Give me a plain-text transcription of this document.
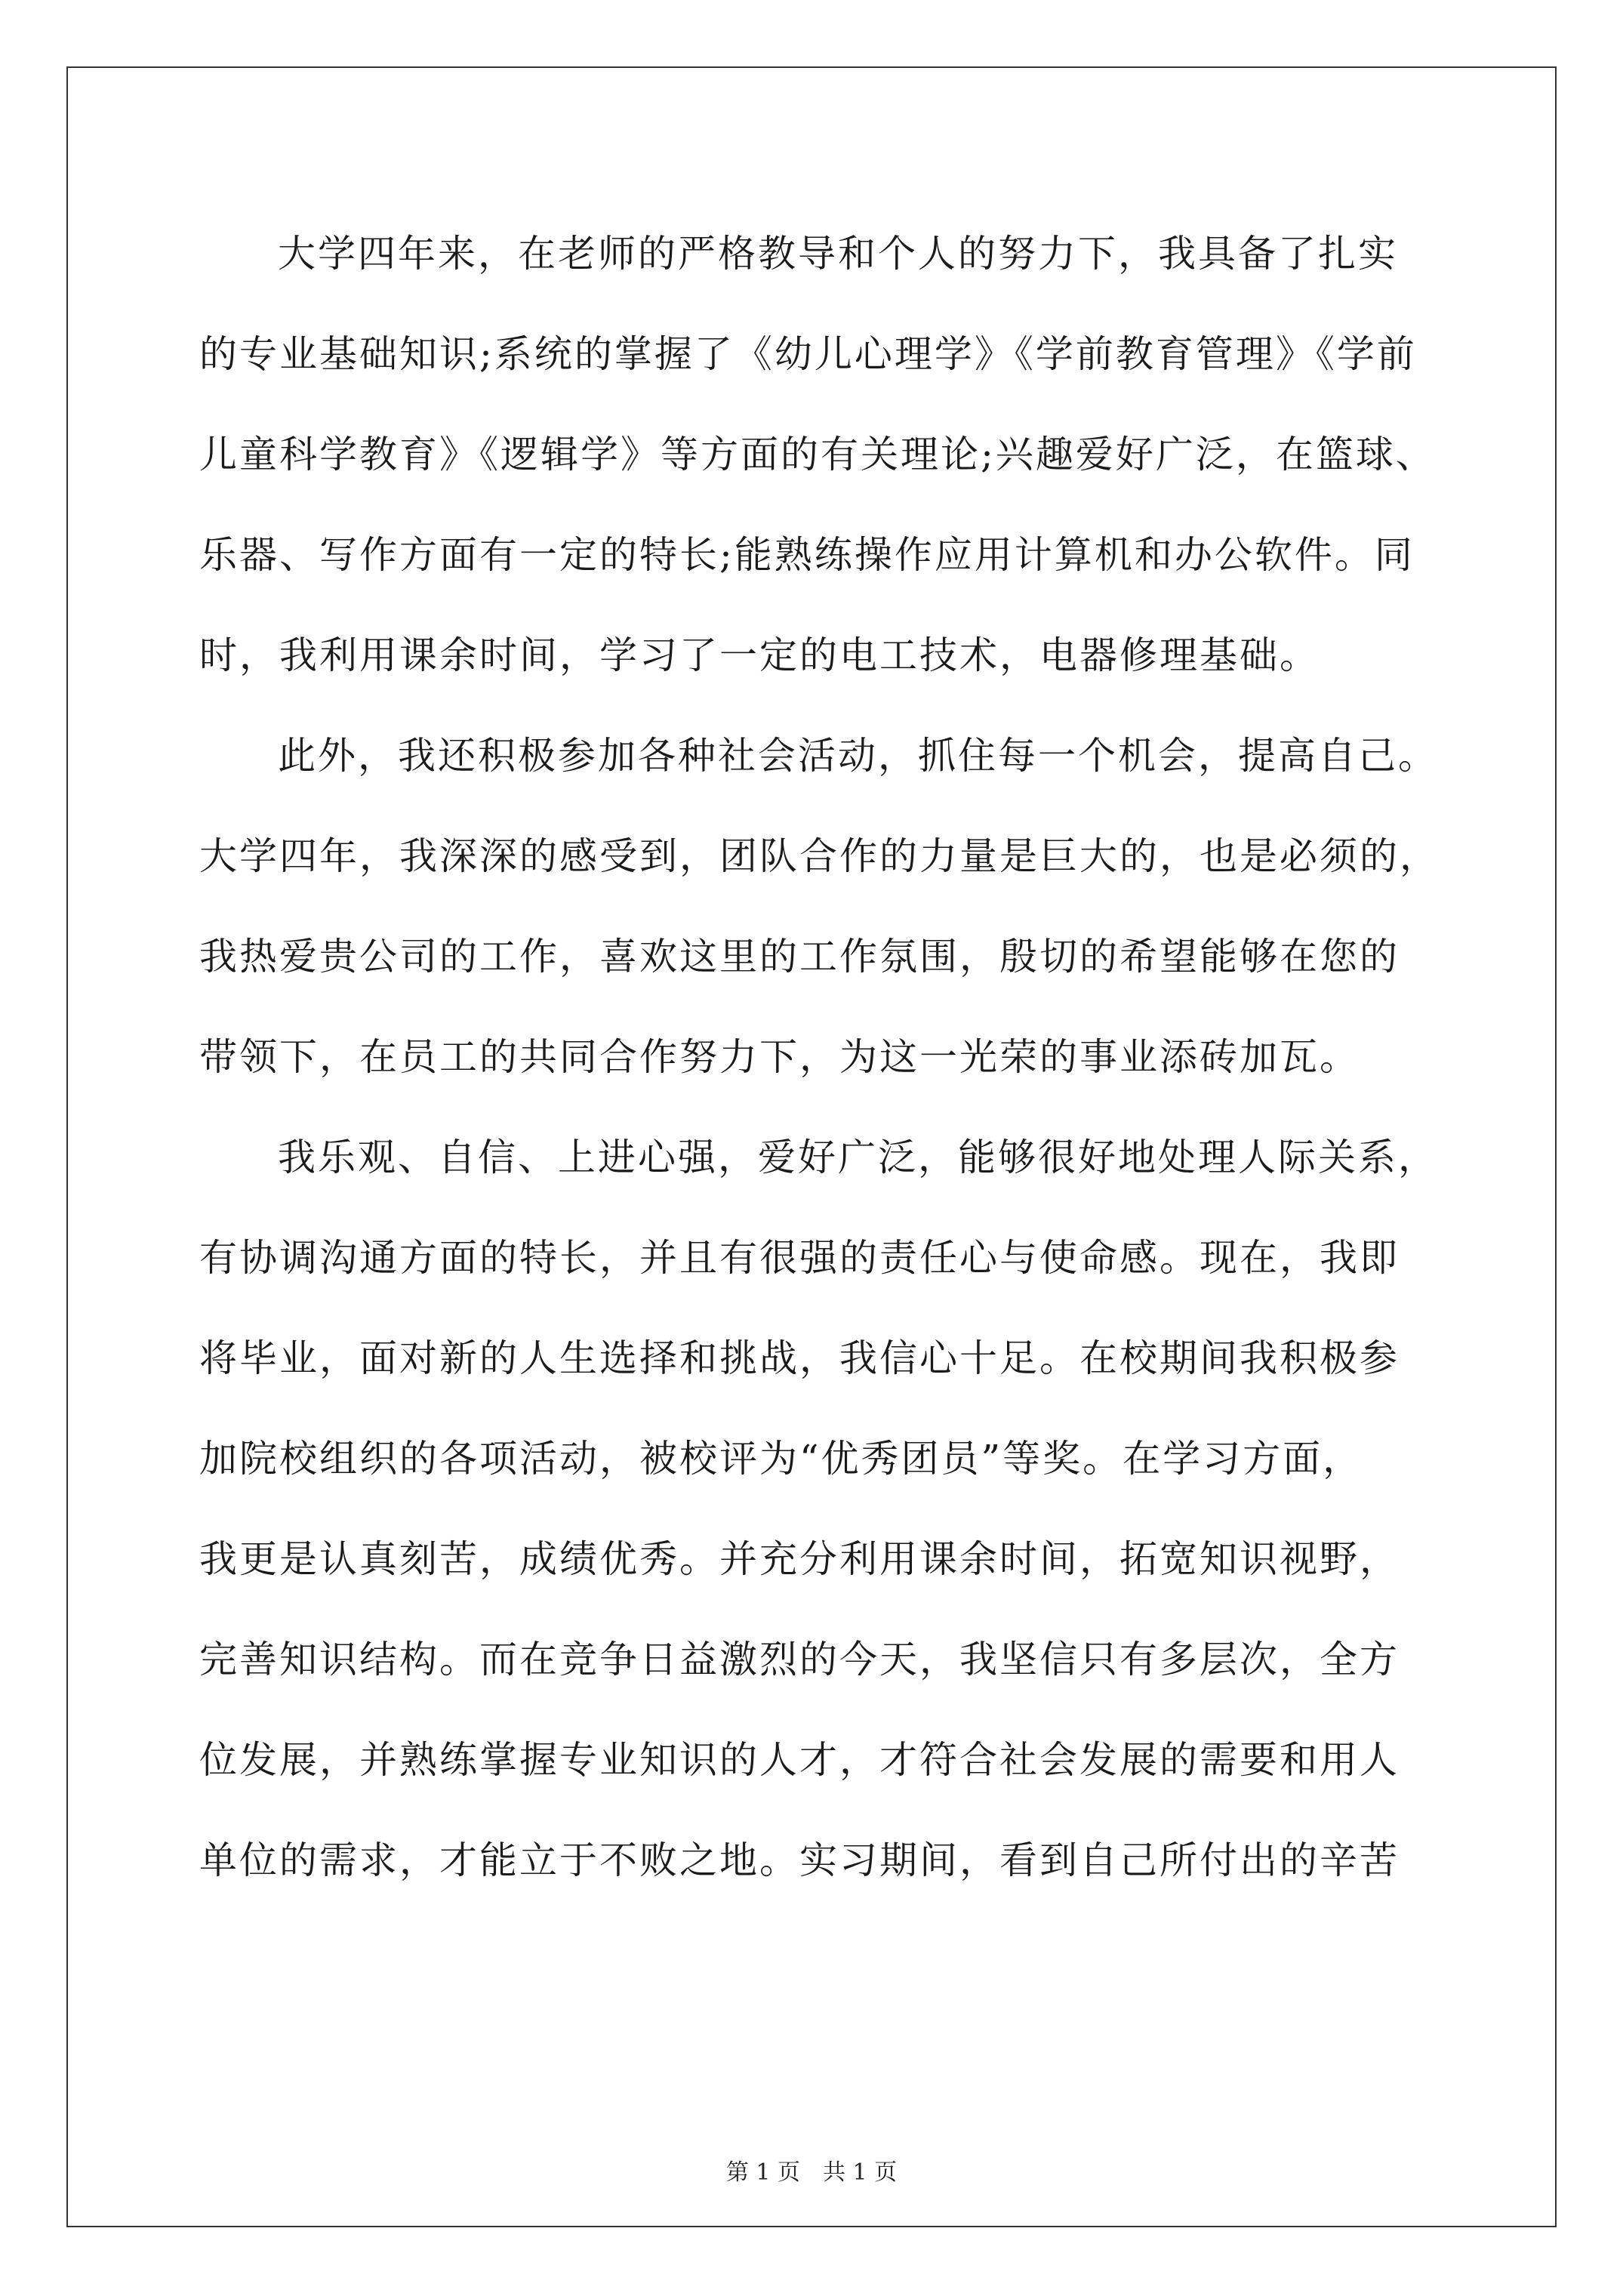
大学四年来，在老师的严格教导和个人的努力下，我具备了扎实
的专业基础知识;系统的掌握了《幼儿心理学》《学前教育管理》《学前
儿童科学教育》《逻辑学》等方面的有关理论;兴趣爱好广泛，在篮球、
乐器、写作方面有一定的特长;能熟练操作应用计算机和办公软件。同
时，我利用课余时间，学习了一定的电工技术，电器修理基础。
此外，我还积极参加各种社会活动，抓住每一个机会，提高自己。
大学四年，我深深的感受到，团队合作的力量是巨大的，也是必须的，
我热爱贵公司的工作，喜欢这里的工作氛围，殷切的希望能够在您的
带领下，在员工的共同合作努力下，为这一光荣的事业添砖加瓦。
我乐观、自信、上进心强，爱好广泛，能够很好地处理人际关系，
有协调沟通方面的特长，并且有很强的责任心与使命感。现在，我即
将毕业，面对新的人生选择和挑战，我信心十足。在校期间我积极参
加院校组织的各项活动，被校评为“优秀团员”等奖。在学习方面，
我更是认真刻苦，成绩优秀。并充分利用课余时间，拓宽知识视野，
完善知识结构。而在竞争日益激烈的今天，我坚信只有多层次，全方
位发展，并熟练掌握专业知识的人才，才符合社会发展的需要和用人
单位的需求，才能立于不败之地。实习期间，看到自己所付出的辛苦
第 1 页 共 1 页
